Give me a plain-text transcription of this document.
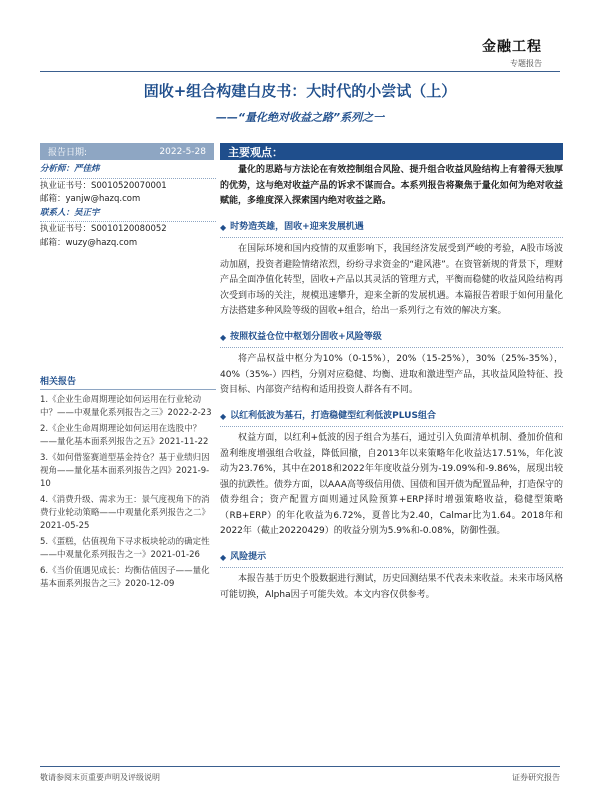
金融工程
专题报告
固收+组合构建白皮书：大时代的小尝试（上）
——“量化绝对收益之路”系列之一
报告日期:	2022-5-28	主要观点：
分析师：严佳炜
执业证书号：S0010520070001
邮箱：yanjw@hazq.com
联系人：吴正宇
执业证书号：S0010120080052
邮箱：wuzy@hazq.com
相关报告
1.《企业生命周期理论如何运用在行业轮动中？——中观量化系列报告之三》2022-2-23
2.《企业生命周期理论如何运用在选股中？——量化基本面系列报告之五》2021-11-22
3.《如何借鉴赛道型基金持仓？基于业绩归因视角——量化基本面系列报告之四》2021-9-10
4.《消费升级、需求为王：景气度视角下的消费行业轮动策略——中观量化系列报告之二》2021-05-25
5.《蛋糕，估值视角下寻求板块轮动的确定性——中观量化系列报告之一》2021-01-26
6.《当价值遇见成长：均衡估值因子——量化基本面系列报告之三》2020-12-09

量化的思路与方法论在有效控制组合风险、提升组合收益风险结构上有着得天独厚的优势，这与绝对收益产品的诉求不谋而合。本系列报告将聚焦于量化如何为绝对收益赋能，多维度深入探索国内绝对收益之路。

◆ 时势造英雄，固收+迎来发展机遇

在国际环境和国内疫情的双重影响下，我国经济发展受到严峻的考验，A股市场波动加剧，投资者避险情绪浓烈，纷纷寻求资金的“避风港”。在资管新规的背景下，理财产品全面净值化转型，固收+产品以其灵活的管理方式，平衡而稳健的收益风险结构再次受到市场的关注，规模迅速攀升，迎来全新的发展机遇。本篇报告着眼于如何用量化方法搭建多种风险等级的固收+组合，给出一系列行之有效的解决方案。

◆ 按照权益仓位中枢划分固收+风险等级

将产品权益中枢分为10%（0-15%），20%（15-25%），30%（25%-35%），40%（35%-）四档，分别对应稳健、均衡、进取和激进型产品，其收益风险特征、投资目标、内部资产结构和适用投资人群各有不同。

◆ 以红利低波为基石，打造稳健型红利低波PLUS组合

权益方面，以红利+低波的因子组合为基石，通过引入负面清单机制、叠加价值和盈利维度增强组合收益，降低回撤，自2013年以来策略年化收益达17.51%，年化波动为23.76%，其中在2018和2022年年度收益分别为-19.09%和-9.86%，展现出较强的抗跌性。债券方面，以AAA高等级信用债、国债和国开债为配置品种，打造保守的债券组合；资产配置方面则通过风险预算+ERP择时增强策略收益，稳健型策略（RB+ERP）的年化收益为6.72%，夏普比为2.40，Calmar比为1.64。2018年和2022年（截止20220429）的收益分别为5.9%和-0.08%，防御性强。

◆ 风险提示

本报告基于历史个股数据进行测试，历史回测结果不代表未来收益。未来市场风格可能切换，Alpha因子可能失效。本文内容仅供参考。

敬请参阅末页重要声明及评级说明	证券研究报告
